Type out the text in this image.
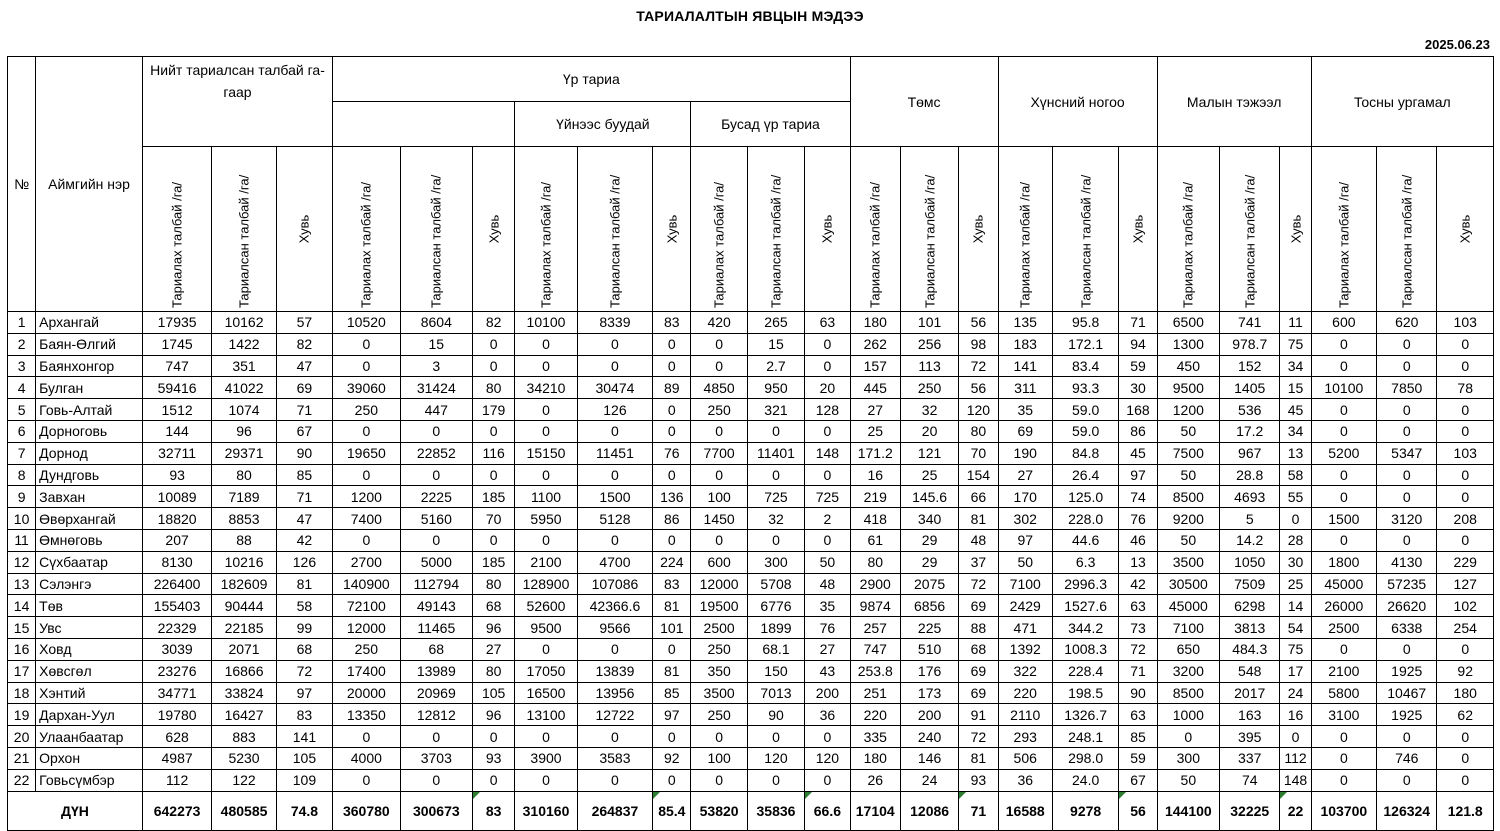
ТАРИАЛАЛТЫН ЯВЦЫН МЭДЭЭ
2025.06.23
№	Аймгийн нэр	Нийт тариалсан талбай га-гаар			Үр тариа									Төмс			Хүнсний ногоо			Малын тэжээл			Тосны ургамал		
								Үйнээс буудай			Бусад үр тариа														

		Тариалах талбай /га/	Тариалсан талбай /га/	Хувь	Тариалах талбай /га/	Тариалсан талбай /га/	Хувь	Тариалах талбай /га/	Тариалсан талбай /га/	Хувь	Тариалах талбай /га/	Тариалсан талбай /га/	Хувь	Тариалах талбай /га/	Тариалсан талбай /га/	Хувь	Тариалах талбай /га/	Тариалсан талбай /га/	Хувь	Тариалах талбай /га/	Тариалсан талбай /га/	Хувь	Тариалах талбай /га/	Тариалсан талбай /га/	Хувь

1	Архангай	17935	10162	57	10520	8604	82	10100	8339	83	420	265	63	180	101	56	135	95.8	71	6500	741	11	600	620	103
2	Баян-Өлгий	1745	1422	82	0	15	0	0	0	0	0	15	0	262	256	98	183	172.1	94	1300	978.7	75	0	0	0
3	Баянхонгор	747	351	47	0	3	0	0	0	0	0	2.7	0	157	113	72	141	83.4	59	450	152	34	0	0	0
4	Булган	59416	41022	69	39060	31424	80	34210	30474	89	4850	950	20	445	250	56	311	93.3	30	9500	1405	15	10100	7850	78
5	Говь-Алтай	1512	1074	71	250	447	179	0	126	0	250	321	128	27	32	120	35	59.0	168	1200	536	45	0	0	0
6	Дорноговь	144	96	67	0	0	0	0	0	0	0	0	0	25	20	80	69	59.0	86	50	17.2	34	0	0	0
7	Дорнод	32711	29371	90	19650	22852	116	15150	11451	76	7700	11401	148	171.2	121	70	190	84.8	45	7500	967	13	5200	5347	103
8	Дундговь	93	80	85	0	0	0	0	0	0	0	0	0	16	25	154	27	26.4	97	50	28.8	58	0	0	0
9	Завхан	10089	7189	71	1200	2225	185	1100	1500	136	100	725	725	219	145.6	66	170	125.0	74	8500	4693	55	0	0	0
10	Өвөрхангай	18820	8853	47	7400	5160	70	5950	5128	86	1450	32	2	418	340	81	302	228.0	76	9200	5	0	1500	3120	208
11	Өмнөговь	207	88	42	0	0	0	0	0	0	0	0	0	61	29	48	97	44.6	46	50	14.2	28	0	0	0
12	Сүхбаатар	8130	10216	126	2700	5000	185	2100	4700	224	600	300	50	80	29	37	50	6.3	13	3500	1050	30	1800	4130	229
13	Сэлэнгэ	226400	182609	81	140900	112794	80	128900	107086	83	12000	5708	48	2900	2075	72	7100	2996.3	42	30500	7509	25	45000	57235	127
14	Төв	155403	90444	58	72100	49143	68	52600	42366.6	81	19500	6776	35	9874	6856	69	2429	1527.6	63	45000	6298	14	26000	26620	102
15	Увс	22329	22185	99	12000	11465	96	9500	9566	101	2500	1899	76	257	225	88	471	344.2	73	7100	3813	54	2500	6338	254
16	Ховд	3039	2071	68	250	68	27	0	0	0	250	68.1	27	747	510	68	1392	1008.3	72	650	484.3	75	0	0	0
17	Хөвсгөл	23276	16866	72	17400	13989	80	17050	13839	81	350	150	43	253.8	176	69	322	228.4	71	3200	548	17	2100	1925	92
18	Хэнтий	34771	33824	97	20000	20969	105	16500	13956	85	3500	7013	200	251	173	69	220	198.5	90	8500	2017	24	5800	10467	180
19	Дархан-Уул	19780	16427	83	13350	12812	96	13100	12722	97	250	90	36	220	200	91	2110	1326.7	63	1000	163	16	3100	1925	62
20	Улаанбаатар	628	883	141	0	0	0	0	0	0	0	0	0	335	240	72	293	248.1	85	0	395	0	0	0	0
21	Орхон	4987	5230	105	4000	3703	93	3900	3583	92	100	120	120	180	146	81	506	298.0	59	300	337	112	0	746	0
22	Говьсүмбэр	112	122	109	0	0	0	0	0	0	0	0	0	26	24	93	36	24.0	67	50	74	148	0	0	0
ДҮН		642273	480585	74.8	360780	300673	83	310160	264837	85.4	53820	35836	66.6	17104	12086	71	16588	9278	56	144100	32225	22	103700	126324	121.8
